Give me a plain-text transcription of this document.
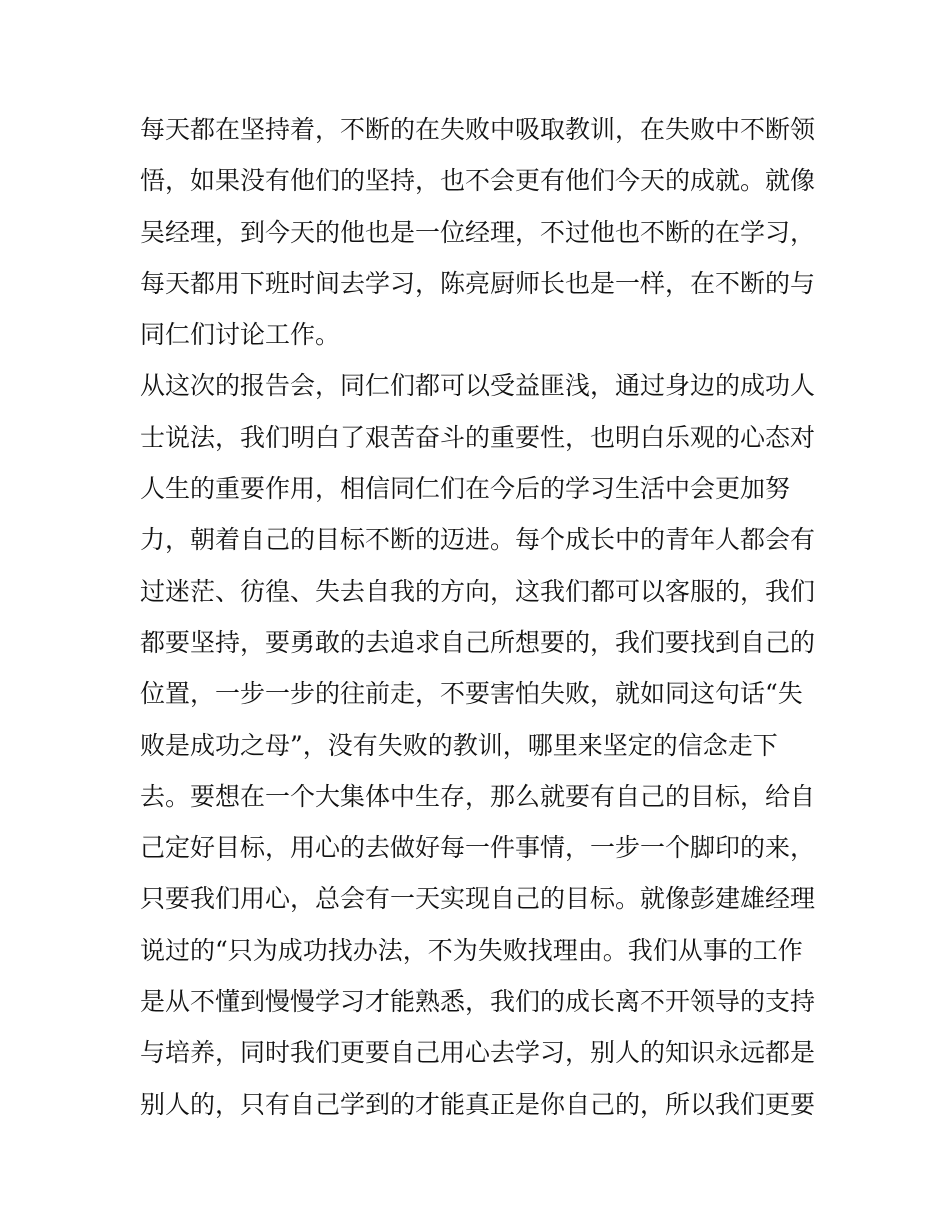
每天都在坚持着，不断的在失败中吸取教训，在失败中不断领
悟，如果没有他们的坚持，也不会更有他们今天的成就。就像
吴经理，到今天的他也是一位经理，不过他也不断的在学习，
每天都用下班时间去学习，陈亮厨师长也是一样，在不断的与
同仁们讨论工作。
从这次的报告会，同仁们都可以受益匪浅，通过身边的成功人
士说法，我们明白了艰苦奋斗的重要性，也明白乐观的心态对
人生的重要作用，相信同仁们在今后的学习生活中会更加努
力，朝着自己的目标不断的迈进。每个成长中的青年人都会有
过迷茫、彷徨、失去自我的方向，这我们都可以客服的，我们
都要坚持，要勇敢的去追求自己所想要的，我们要找到自己的
位置，一步一步的往前走，不要害怕失败，就如同这句话“失
败是成功之母”，没有失败的教训，哪里来坚定的信念走下
去。要想在一个大集体中生存，那么就要有自己的目标，给自
己定好目标，用心的去做好每一件事情，一步一个脚印的来，
只要我们用心，总会有一天实现自己的目标。就像彭建雄经理
说过的“只为成功找办法，不为失败找理由。我们从事的工作
是从不懂到慢慢学习才能熟悉，我们的成长离不开领导的支持
与培养，同时我们更要自己用心去学习，别人的知识永远都是
别人的，只有自己学到的才能真正是你自己的，所以我们更要
